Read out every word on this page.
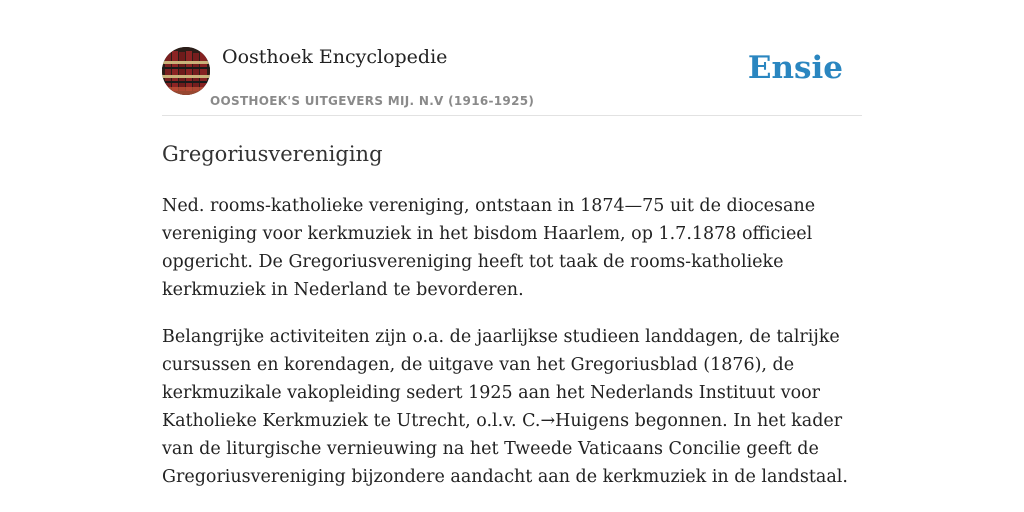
Oosthoek Encyclopedie
OOSTHOEK'S UITGEVERS MIJ. N.V (1916-1925)
Ensie
Gregoriusvereniging

Ned. rooms-katholieke vereniging, ontstaan in 1874—75 uit de diocesane vereniging voor kerkmuziek in het bisdom Haarlem, op 1.7.1878 officieel opgericht. De Gregoriusvereniging heeft tot taak de rooms-katholieke kerkmuziek in Nederland te bevorderen.

Belangrijke activiteiten zijn o.a. de jaarlijkse studieen landdagen, de talrijke cursussen en korendagen, de uitgave van het Gregoriusblad (1876), de kerkmuzikale vakopleiding sedert 1925 aan het Nederlands Instituut voor Katholieke Kerkmuziek te Utrecht, o.l.v. C.→Huigens begonnen. In het kader van de liturgische vernieuwing na het Tweede Vaticaans Concilie geeft de Gregoriusvereniging bijzondere aandacht aan de kerkmuziek in de landstaal.
